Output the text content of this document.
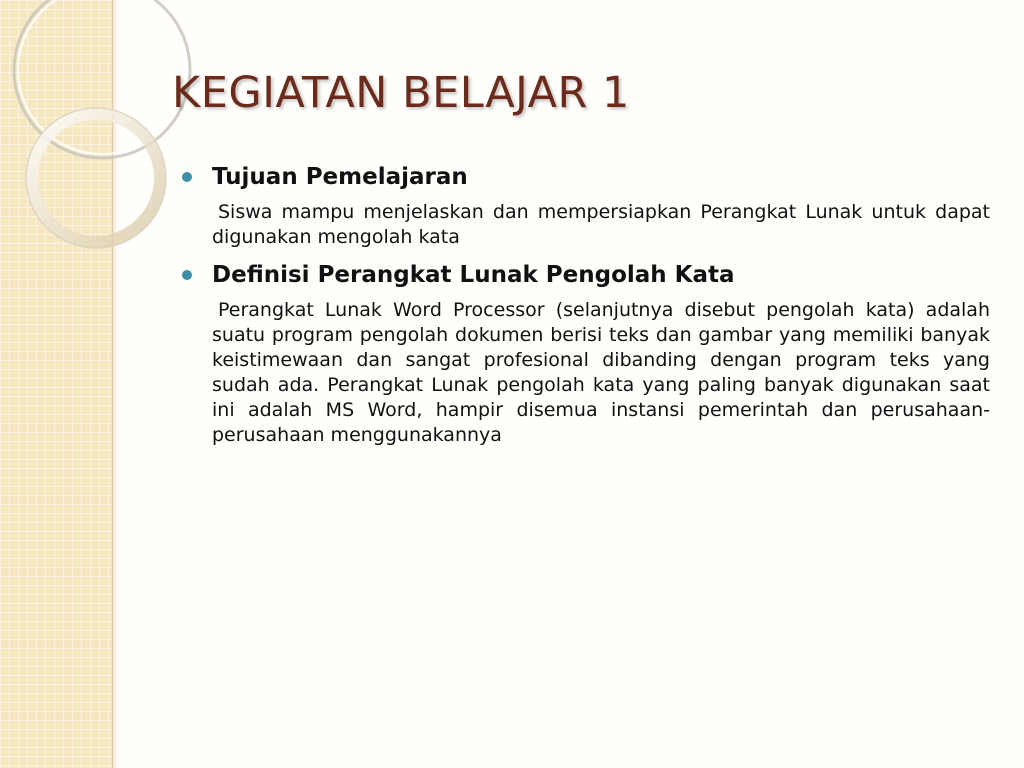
KEGIATAN BELAJAR 1
Tujuan Pemelajaran
Siswa mampu menjelaskan dan mempersiapkan Perangkat Lunak untuk dapat digunakan mengolah kata
Definisi Perangkat Lunak Pengolah Kata
Perangkat Lunak Word Processor (selanjutnya disebut pengolah kata) adalah suatu program pengolah dokumen berisi teks dan gambar yang memiliki banyak keistimewaan dan sangat profesional dibanding dengan program teks yang sudah ada. Perangkat Lunak pengolah kata yang paling banyak digunakan saat ini adalah MS Word, hampir disemua instansi pemerintah dan perusahaan-perusahaan menggunakannya
